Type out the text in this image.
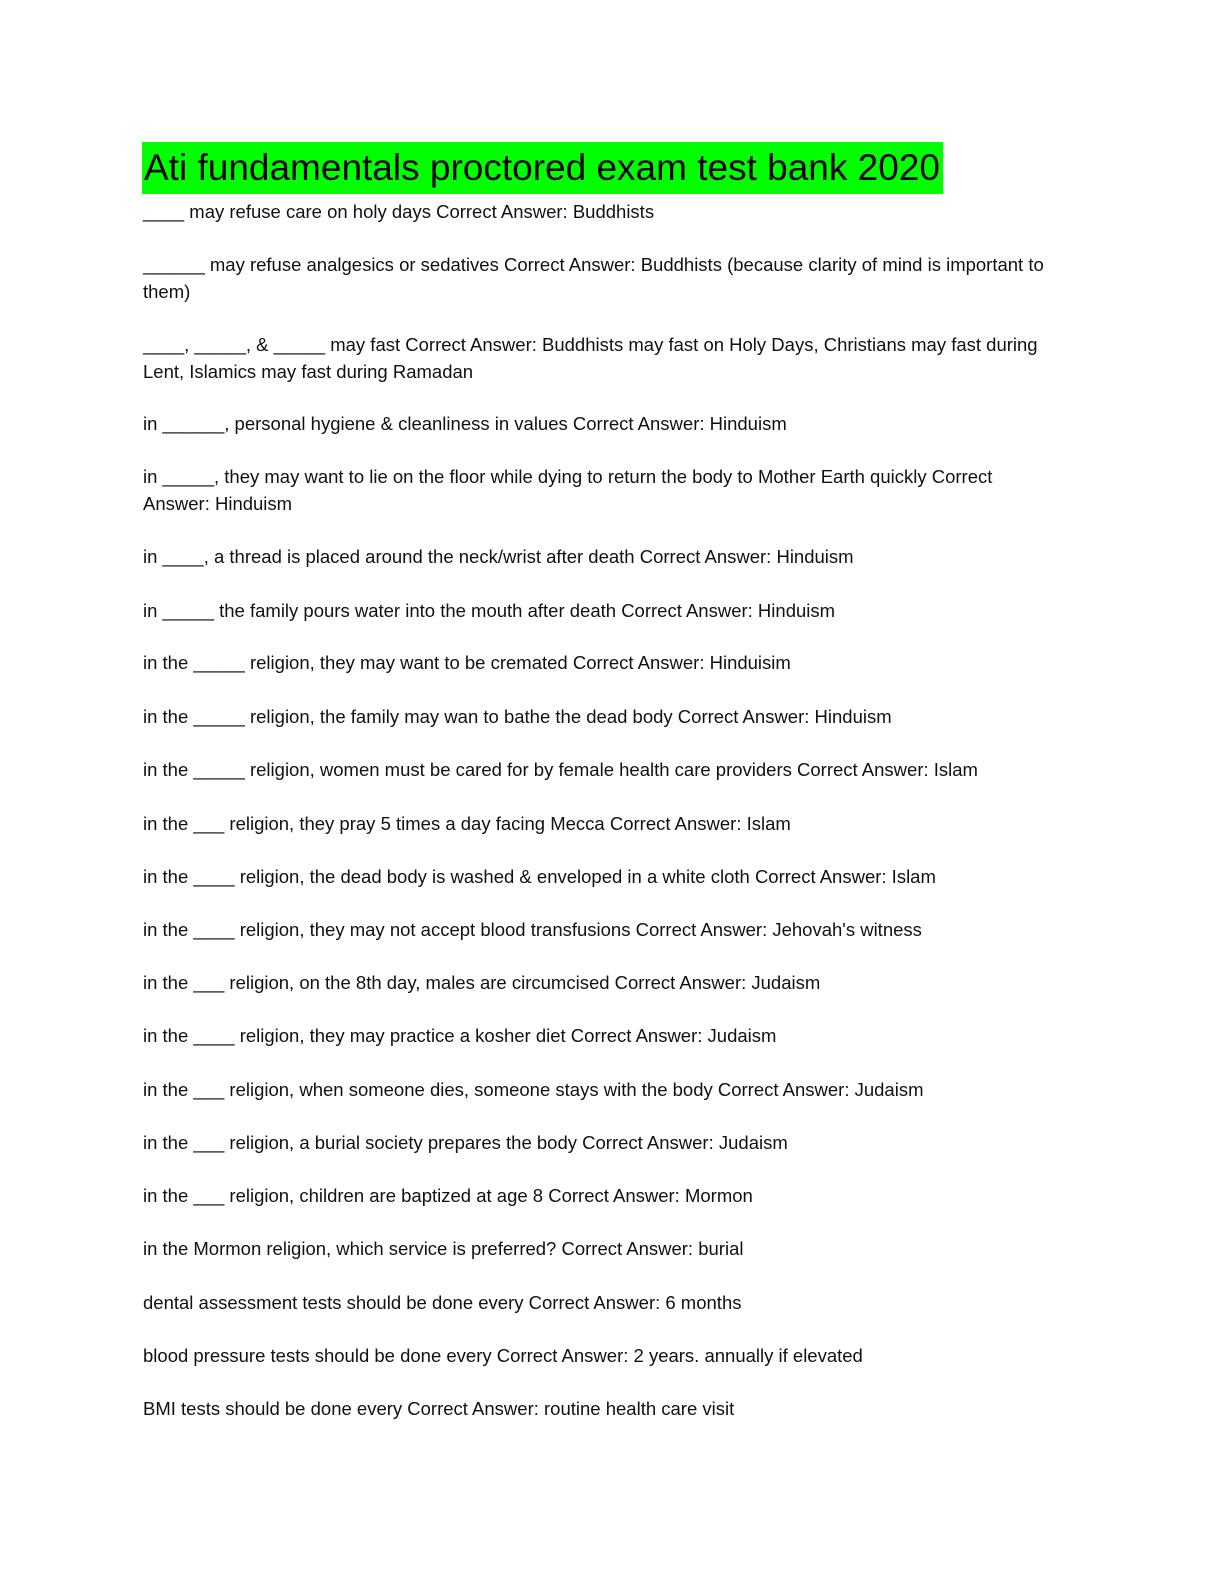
Ati fundamentals proctored exam test bank 2020

____ may refuse care on holy days Correct Answer: Buddhists

______ may refuse analgesics or sedatives Correct Answer: Buddhists (because clarity of mind is important to them)

____, _____, & _____ may fast Correct Answer: Buddhists may fast on Holy Days, Christians may fast during Lent, Islamics may fast during Ramadan

in ______, personal hygiene & cleanliness in values Correct Answer: Hinduism

in _____, they may want to lie on the floor while dying to return the body to Mother Earth quickly Correct Answer: Hinduism

in ____, a thread is placed around the neck/wrist after death Correct Answer: Hinduism

in _____ the family pours water into the mouth after death Correct Answer: Hinduism

in the _____ religion, they may want to be cremated Correct Answer: Hinduisim

in the _____ religion, the family may wan to bathe the dead body Correct Answer: Hinduism

in the _____ religion, women must be cared for by female health care providers Correct Answer: Islam

in the ___ religion, they pray 5 times a day facing Mecca Correct Answer: Islam

in the ____ religion, the dead body is washed & enveloped in a white cloth Correct Answer: Islam

in the ____ religion, they may not accept blood transfusions Correct Answer: Jehovah's witness

in the ___ religion, on the 8th day, males are circumcised Correct Answer: Judaism

in the ____ religion, they may practice a kosher diet Correct Answer: Judaism

in the ___ religion, when someone dies, someone stays with the body Correct Answer: Judaism

in the ___ religion, a burial society prepares the body Correct Answer: Judaism

in the ___ religion, children are baptized at age 8 Correct Answer: Mormon

in the Mormon religion, which service is preferred? Correct Answer: burial

dental assessment tests should be done every Correct Answer: 6 months

blood pressure tests should be done every Correct Answer: 2 years. annually if elevated

BMI tests should be done every Correct Answer: routine health care visit
